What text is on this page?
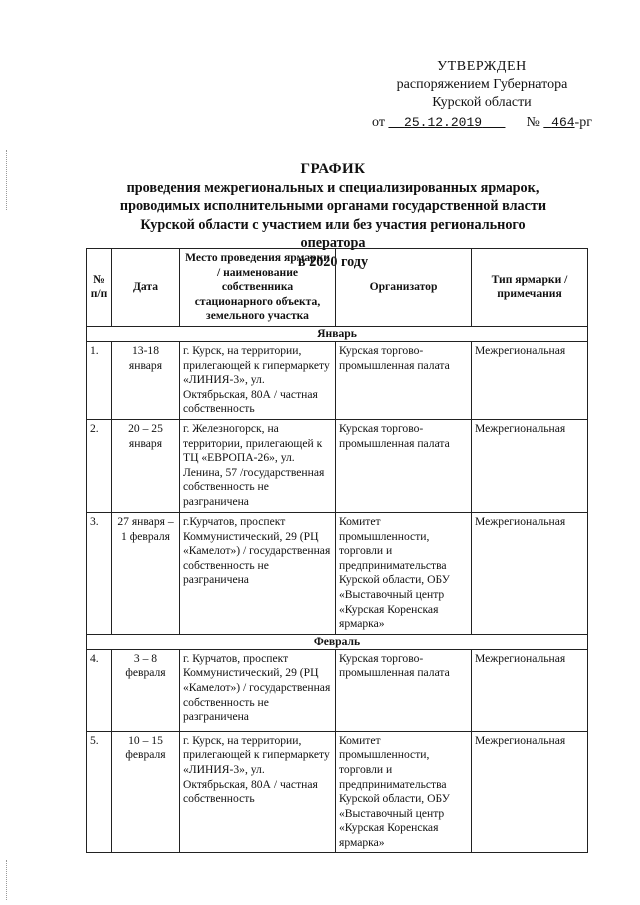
УТВЕРЖДЕН
распоряжением Губернатора
Курской области
от 25.12.2019	№ 464-рг
ГРАФИК
проведения межрегиональных и специализированных ярмарок,
проводимых исполнительными органами государственной власти
Курской области с участием или без участия регионального оператора
в 2020 году
№ п/п	Дата	Место проведения ярмарки / наименование собственника стационарного объекта, земельного участка	Организатор	Тип ярмарки / примечания
Январь				
1.	13-18 января	г. Курск, на территории, прилегающей к гипермаркету «ЛИНИЯ-3», ул. Октябрьская, 80А / частная собственность	Курская торгово-промышленная палата	Межрегиональная
2.	20 – 25 января	г. Железногорск, на территории, прилегающей к ТЦ «ЕВРОПА-26», ул. Ленина, 57 /государственная собственность не разграничена	Курская торгово-промышленная палата	Межрегиональная
3.	27 января – 1 февраля	г.Курчатов, проспект Коммунистический, 29 (РЦ «Камелот») / государственная собственность не разграничена	Комитет промышленности, торговли и предпринимательства Курской области, ОБУ «Выставочный центр «Курская Коренская ярмарка»	Межрегиональная
Февраль				
4.	3 – 8 февраля	г. Курчатов, проспект Коммунистический, 29 (РЦ «Камелот») / государственная собственность не разграничена	Курская торгово-промышленная палата	Межрегиональная
5.	10 – 15 февраля	г. Курск, на территории, прилегающей к гипермаркету «ЛИНИЯ-3», ул. Октябрьская, 80А / частная собственность	Комитет промышленности, торговли и предпринимательства Курской области, ОБУ «Выставочный центр «Курская Коренская ярмарка»	Межрегиональная
